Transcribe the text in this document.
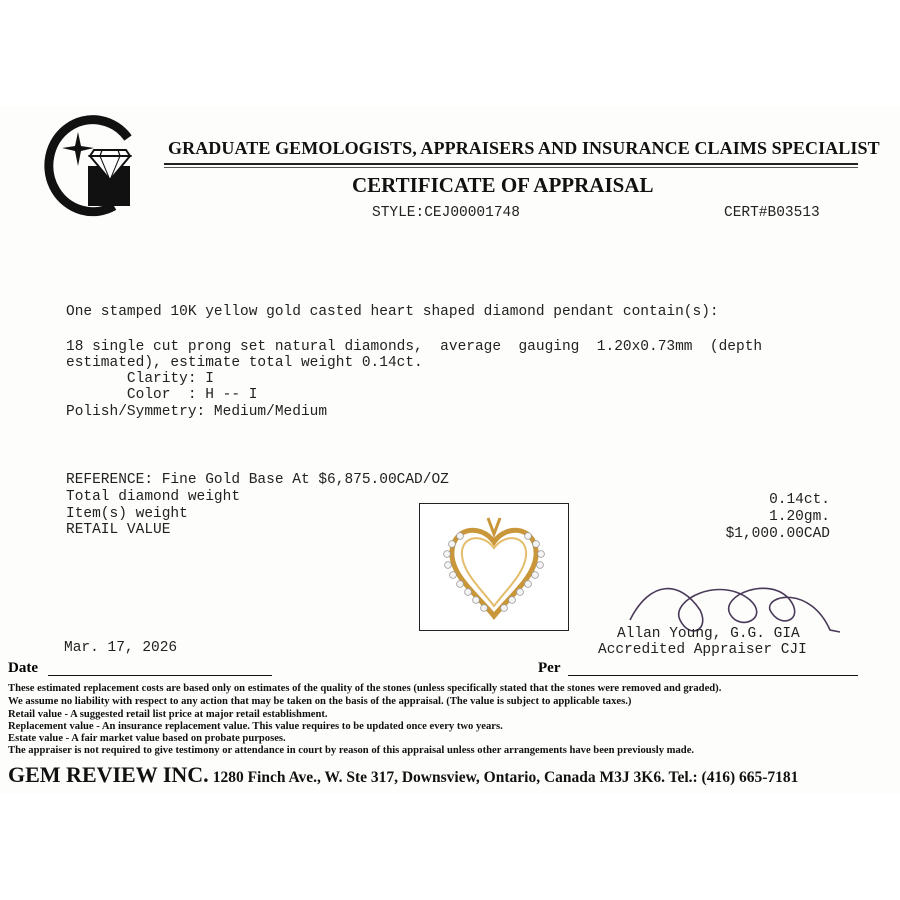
GRADUATE GEMOLOGISTS, APPRAISERS AND INSURANCE CLAIMS SPECIALIST
CERTIFICATE OF APPRAISAL
STYLE:CEJ00001748	CERT#B03513
One stamped 10K yellow gold casted heart shaped diamond pendant contain(s):
18 single cut prong set natural diamonds,  average  gauging  1.20x0.73mm  (depth
estimated), estimate total weight 0.14ct.
Clarity: I
Color  : H -- I
Polish/Symmetry: Medium/Medium
REFERENCE: Fine Gold Base At $6,875.00CAD/OZ
Total diamond weight	0.14ct.
Item(s) weight	1.20gm.
RETAIL VALUE	$1,000.00CAD
Mar. 17, 2026
Allan Young, G.G. GIA
Accredited Appraiser CJI
Date	Per
These estimated replacement costs are based only on estimates of the quality of the stones (unless specifically stated that the stones were removed and graded).
We assume no liability with respect to any action that may be taken on the basis of the appraisal. (The value is subject to applicable taxes.)
Retail value - A suggested retail list price at major retail establishment.
Replacement value - An insurance replacement value. This value requires to be updated once every two years.
Estate value - A fair market value based on probate purposes.
The appraiser is not required to give testimony or attendance in court by reason of this appraisal unless other arrangements have been previously made.
GEM REVIEW INC. 1280 Finch Ave., W. Ste 317, Downsview, Ontario, Canada M3J 3K6. Tel.: (416) 665-7181
